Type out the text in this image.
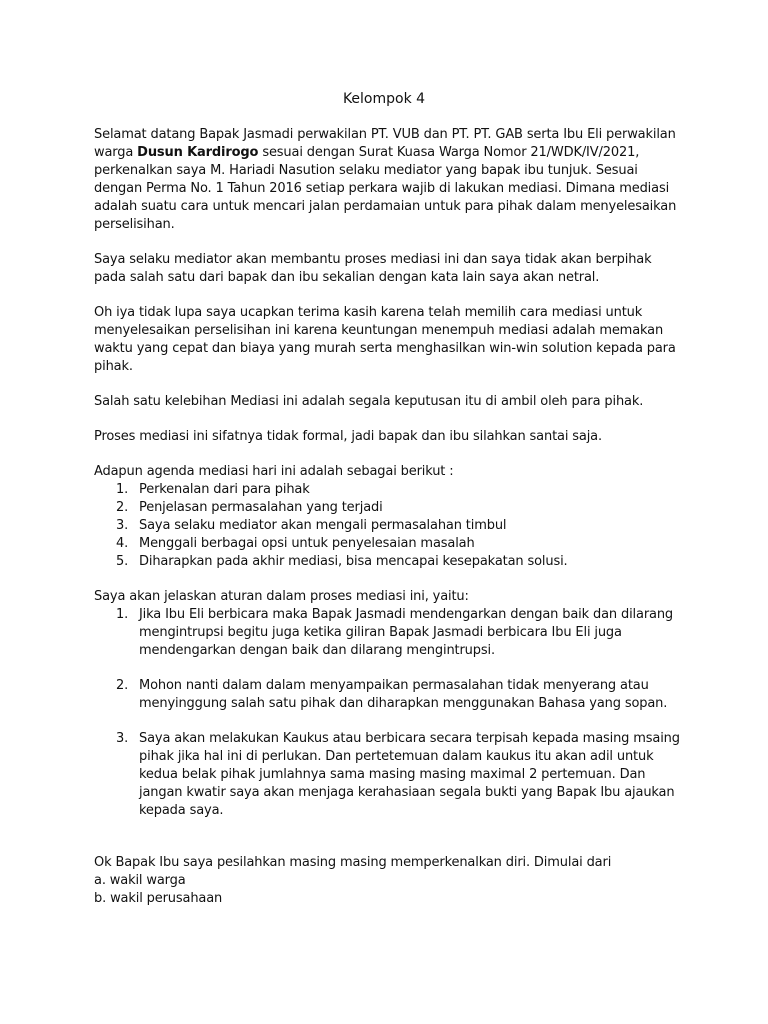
Kelompok 4

Selamat datang Bapak Jasmadi perwakilan PT. VUB dan PT. PT. GAB serta Ibu Eli perwakilan warga Dusun Kardirogo sesuai dengan Surat Kuasa Warga Nomor 21/WDK/IV/2021, perkenalkan saya M. Hariadi Nasution selaku mediator yang bapak ibu tunjuk. Sesuai dengan Perma No. 1 Tahun 2016 setiap perkara wajib di lakukan mediasi. Dimana mediasi adalah suatu cara untuk mencari jalan perdamaian untuk para pihak dalam menyelesaikan perselisihan.

Saya selaku mediator akan membantu proses mediasi ini dan saya tidak akan berpihak pada salah satu dari bapak dan ibu sekalian dengan kata lain saya akan netral.

Oh iya tidak lupa saya ucapkan terima kasih karena telah memilih cara mediasi untuk menyelesaikan perselisihan ini karena keuntungan menempuh mediasi adalah memakan waktu yang cepat dan biaya yang murah serta menghasilkan win-win solution kepada para pihak.

Salah satu kelebihan Mediasi ini adalah segala keputusan itu di ambil oleh para pihak.

Proses mediasi ini sifatnya tidak formal, jadi bapak dan ibu silahkan santai saja.

Adapun agenda mediasi hari ini adalah sebagai berikut :

1. Perkenalan dari para pihak
2. Penjelasan permasalahan yang terjadi
3. Saya selaku mediator akan mengali permasalahan timbul
4. Menggali berbagai opsi untuk penyelesaian masalah
5. Diharapkan pada akhir mediasi, bisa mencapai kesepakatan solusi.

Saya akan jelaskan aturan dalam proses mediasi ini, yaitu:

1. Jika Ibu Eli berbicara maka Bapak Jasmadi mendengarkan dengan baik dan dilarang mengintrupsi begitu juga ketika giliran Bapak Jasmadi berbicara Ibu Eli juga mendengarkan dengan baik dan dilarang mengintrupsi.
2. Mohon nanti dalam dalam menyampaikan permasalahan tidak menyerang atau menyinggung salah satu pihak dan diharapkan menggunakan Bahasa yang sopan.
3. Saya akan melakukan Kaukus atau berbicara secara terpisah kepada masing msaing pihak jika hal ini di perlukan. Dan pertetemuan dalam kaukus itu akan adil untuk kedua belak pihak jumlahnya sama masing masing maximal 2 pertemuan. Dan jangan kwatir saya akan menjaga kerahasiaan segala bukti yang Bapak Ibu ajaukan kepada saya.

Ok Bapak Ibu saya pesilahkan masing masing memperkenalkan diri. Dimulai dari

a. wakil warga

b. wakil perusahaan
